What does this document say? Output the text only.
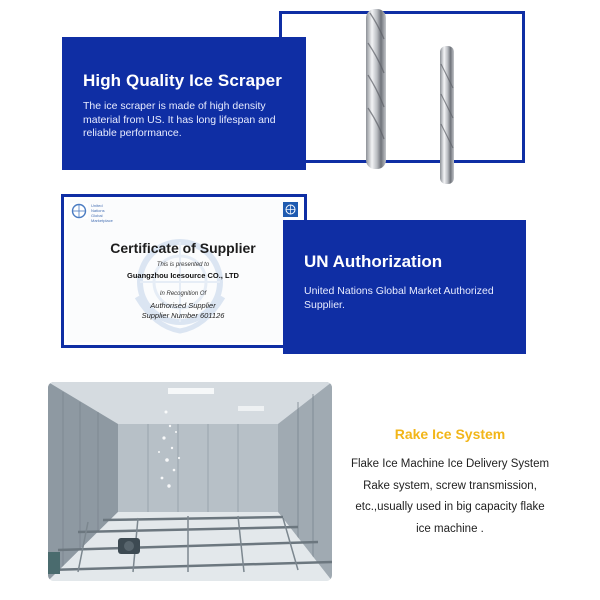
High Quality Ice Scraper

The ice scraper is made of high density material from US. It has long lifespan and reliable performance.

United
Nations
Global
Marketplace
Certificate of Supplier
This is presented to
Guangzhou Icesource CO., LTD
In Recognition Of
Authorised Supplier
Supplier Number 601126
UN Authorization

United Nations Global Market Authorized Supplier.

Rake Ice System
Flake Ice Machine Ice Delivery System
Rake system, screw transmission,
etc.,usually used in big capacity flake
ice machine .
